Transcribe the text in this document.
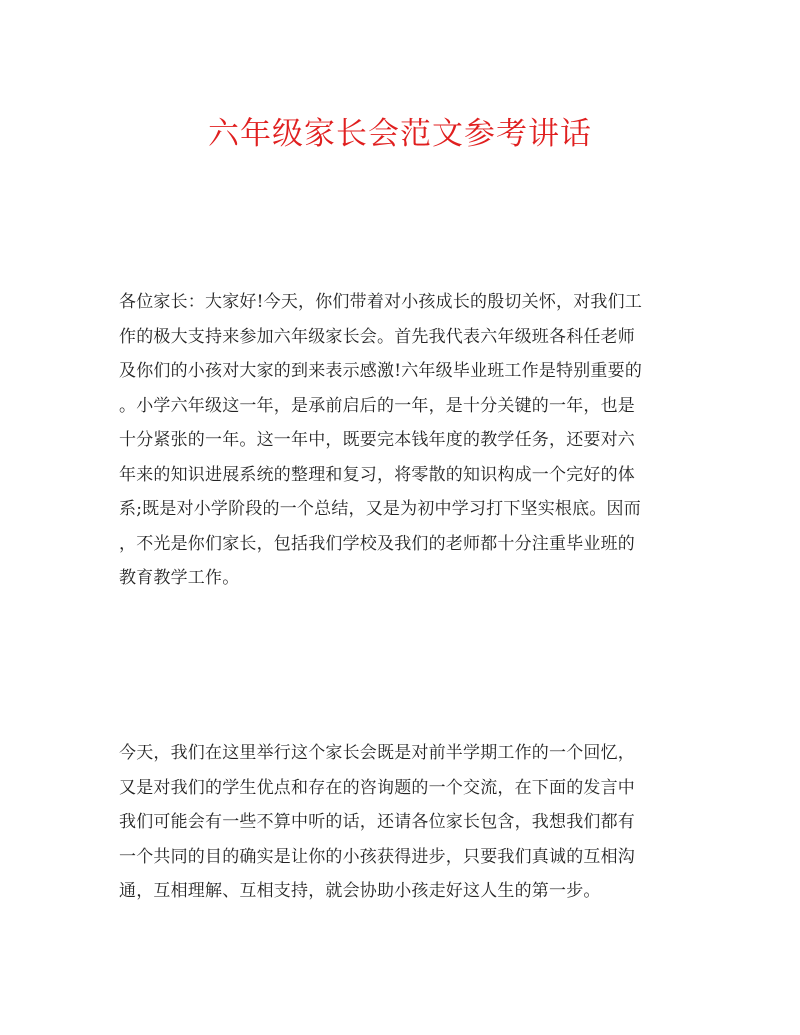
六年级家长会范文参考讲话
各位家长：大家好!今天，你们带着对小孩成长的殷切关怀，对我们工
作的极大支持来参加六年级家长会。首先我代表六年级班各科任老师
及你们的小孩对大家的到来表示感激!六年级毕业班工作是特别重要的
。小学六年级这一年，是承前启后的一年，是十分关键的一年，也是
十分紧张的一年。这一年中，既要完本钱年度的教学任务，还要对六
年来的知识进展系统的整理和复习，将零散的知识构成一个完好的体
系;既是对小学阶段的一个总结，又是为初中学习打下坚实根底。因而
，不光是你们家长，包括我们学校及我们的老师都十分注重毕业班的
教育教学工作。
今天，我们在这里举行这个家长会既是对前半学期工作的一个回忆，
又是对我们的学生优点和存在的咨询题的一个交流，在下面的发言中
我们可能会有一些不算中听的话，还请各位家长包含，我想我们都有
一个共同的目的确实是让你的小孩获得进步，只要我们真诚的互相沟
通，互相理解、互相支持，就会协助小孩走好这人生的第一步。
